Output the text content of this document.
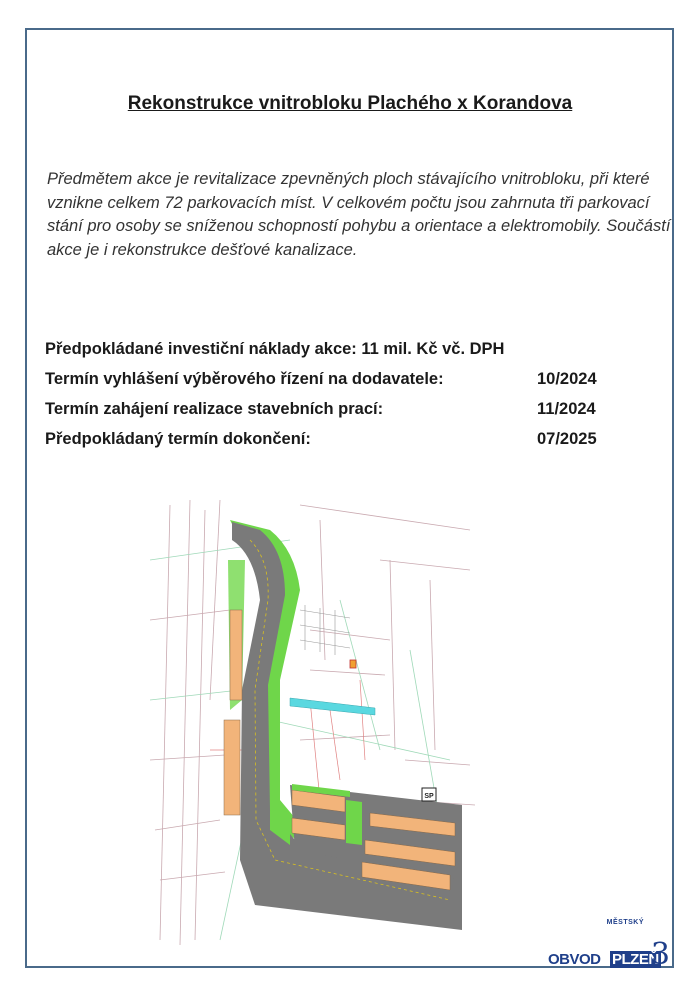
Rekonstrukce vnitrobloku Plachého x Korandova

Předmětem akce je revitalizace zpevněných ploch stávajícího vnitrobloku, při které vznikne celkem 72 parkovacích míst. V celkovém počtu jsou zahrnuta tři parkovací stání pro osoby se sníženou schopností pohybu a orientace a elektromobily. Součástí akce je i rekonstrukce dešťové kanalizace.

Předpokládané investiční náklady akce: 11 mil. Kč vč. DPH
Termín vyhlášení výběrového řízení na dodavatele:	10/2024
Termín zahájení realizace stavebních prací:	11/2024
Předpokládaný termín dokončení:	07/2025
SP
MĚSTSKÝ
OBVOD PLZEŇ
3
